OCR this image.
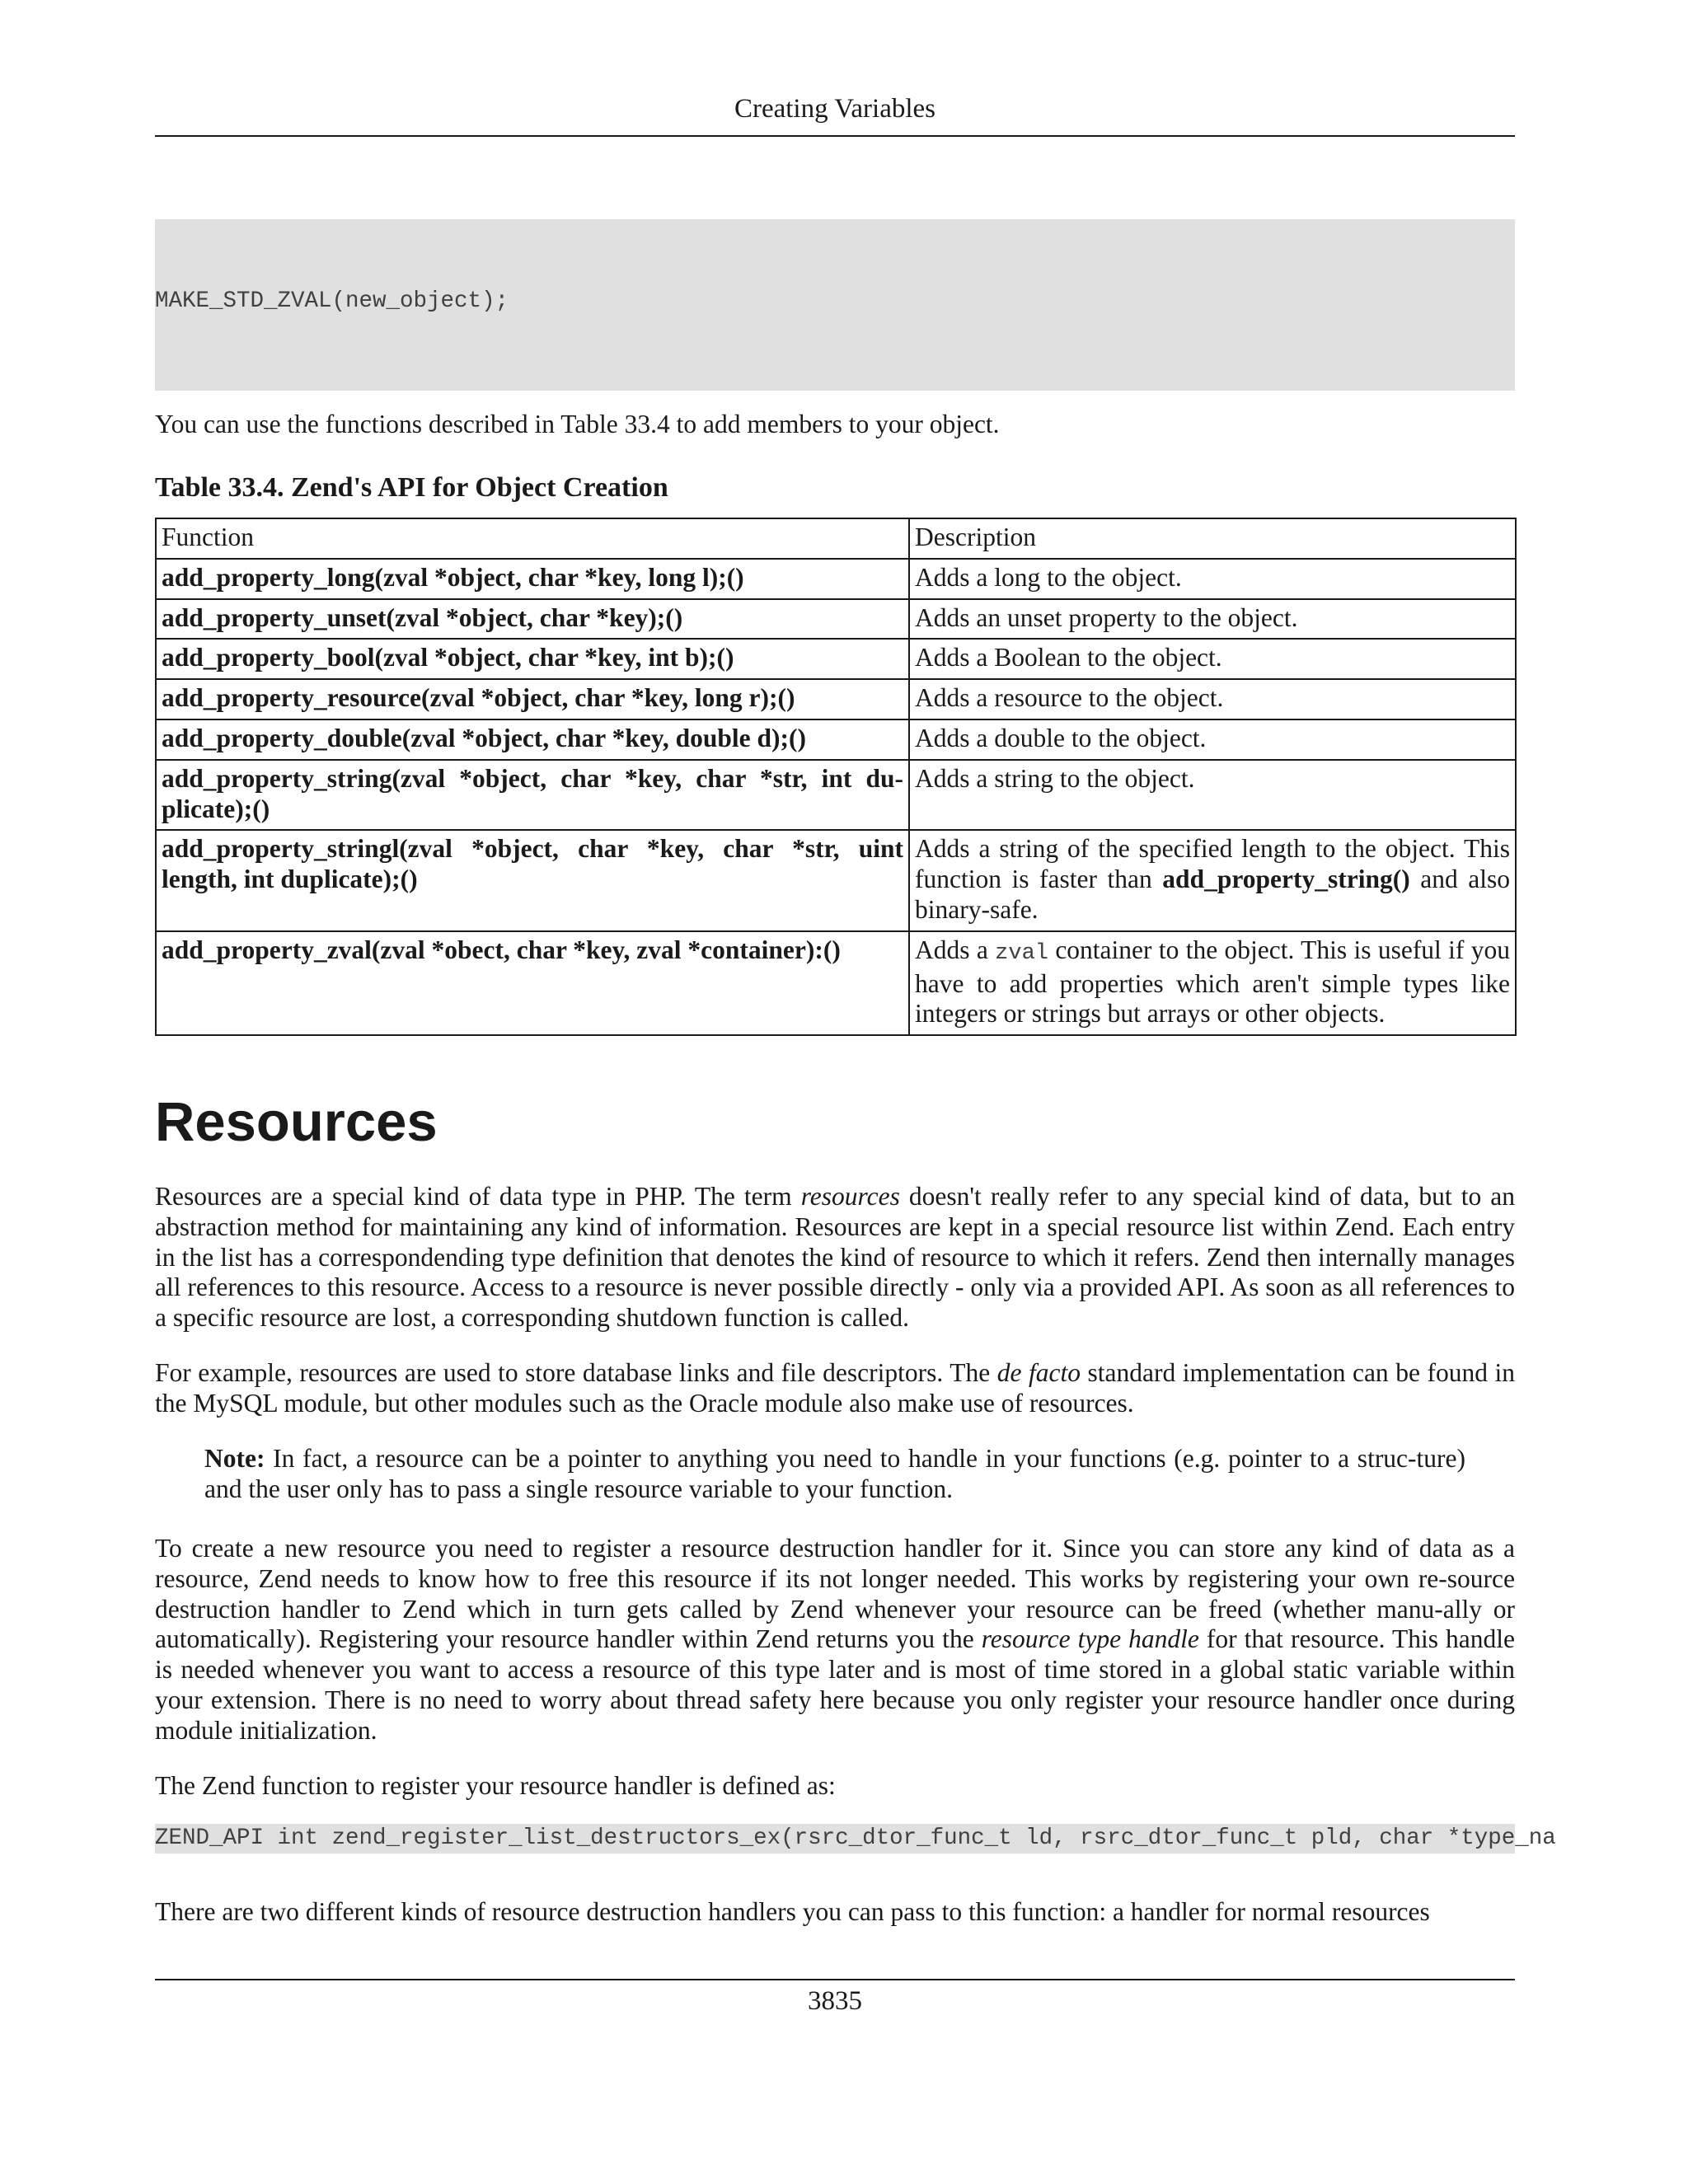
Creating Variables

MAKE_STD_ZVAL(new_object);

You can use the functions described in Table 33.4 to add members to your object.

Table 33.4. Zend's API for Object Creation

Function	Description
add_property_long(zval *object, char *key, long l);()	Adds a long to the object.
add_property_unset(zval *object, char *key);()	Adds an unset property to the object.
add_property_bool(zval *object, char *key, int b);()	Adds a Boolean to the object.
add_property_resource(zval *object, char *key, long r);()	Adds a resource to the object.
add_property_double(zval *object, char *key, double d);()	Adds a double to the object.
add_property_string(zval *object, char *key, char *str, int du-plicate);()	Adds a string to the object.
add_property_stringl(zval *object, char *key, char *str, uint length, int duplicate);()	Adds a string of the specified length to the object. This function is faster than add_property_string() and also binary-safe.
add_property_zval(zval *obect, char *key, zval *container):()	Adds a zval container to the object. This is useful if you have to add properties which aren't simple types like integers or strings but arrays or other objects.
Resources

Resources are a special kind of data type in PHP. The term resources doesn't really refer to any special kind of data, but to an abstraction method for maintaining any kind of information. Resources are kept in a special resource list within Zend. Each entry in the list has a correspondending type definition that denotes the kind of resource to which it refers. Zend then internally manages all references to this resource. Access to a resource is never possible directly - only via a provided API. As soon as all references to a specific resource are lost, a corresponding shutdown function is called.

For example, resources are used to store database links and file descriptors. The de facto standard implementation can be found in the MySQL module, but other modules such as the Oracle module also make use of resources.

Note: In fact, a resource can be a pointer to anything you need to handle in your functions (e.g. pointer to a struc-ture) and the user only has to pass a single resource variable to your function.

To create a new resource you need to register a resource destruction handler for it. Since you can store any kind of data as a resource, Zend needs to know how to free this resource if its not longer needed. This works by registering your own re-source destruction handler to Zend which in turn gets called by Zend whenever your resource can be freed (whether manu-ally or automatically). Registering your resource handler within Zend returns you the resource type handle for that resource. This handle is needed whenever you want to access a resource of this type later and is most of time stored in a global static variable within your extension. There is no need to worry about thread safety here because you only register your resource handler once during module initialization.

The Zend function to register your resource handler is defined as:

ZEND_API int zend_register_list_destructors_ex(rsrc_dtor_func_t ld, rsrc_dtor_func_t pld, char *type_na

There are two different kinds of resource destruction handlers you can pass to this function: a handler for normal resources

3835
